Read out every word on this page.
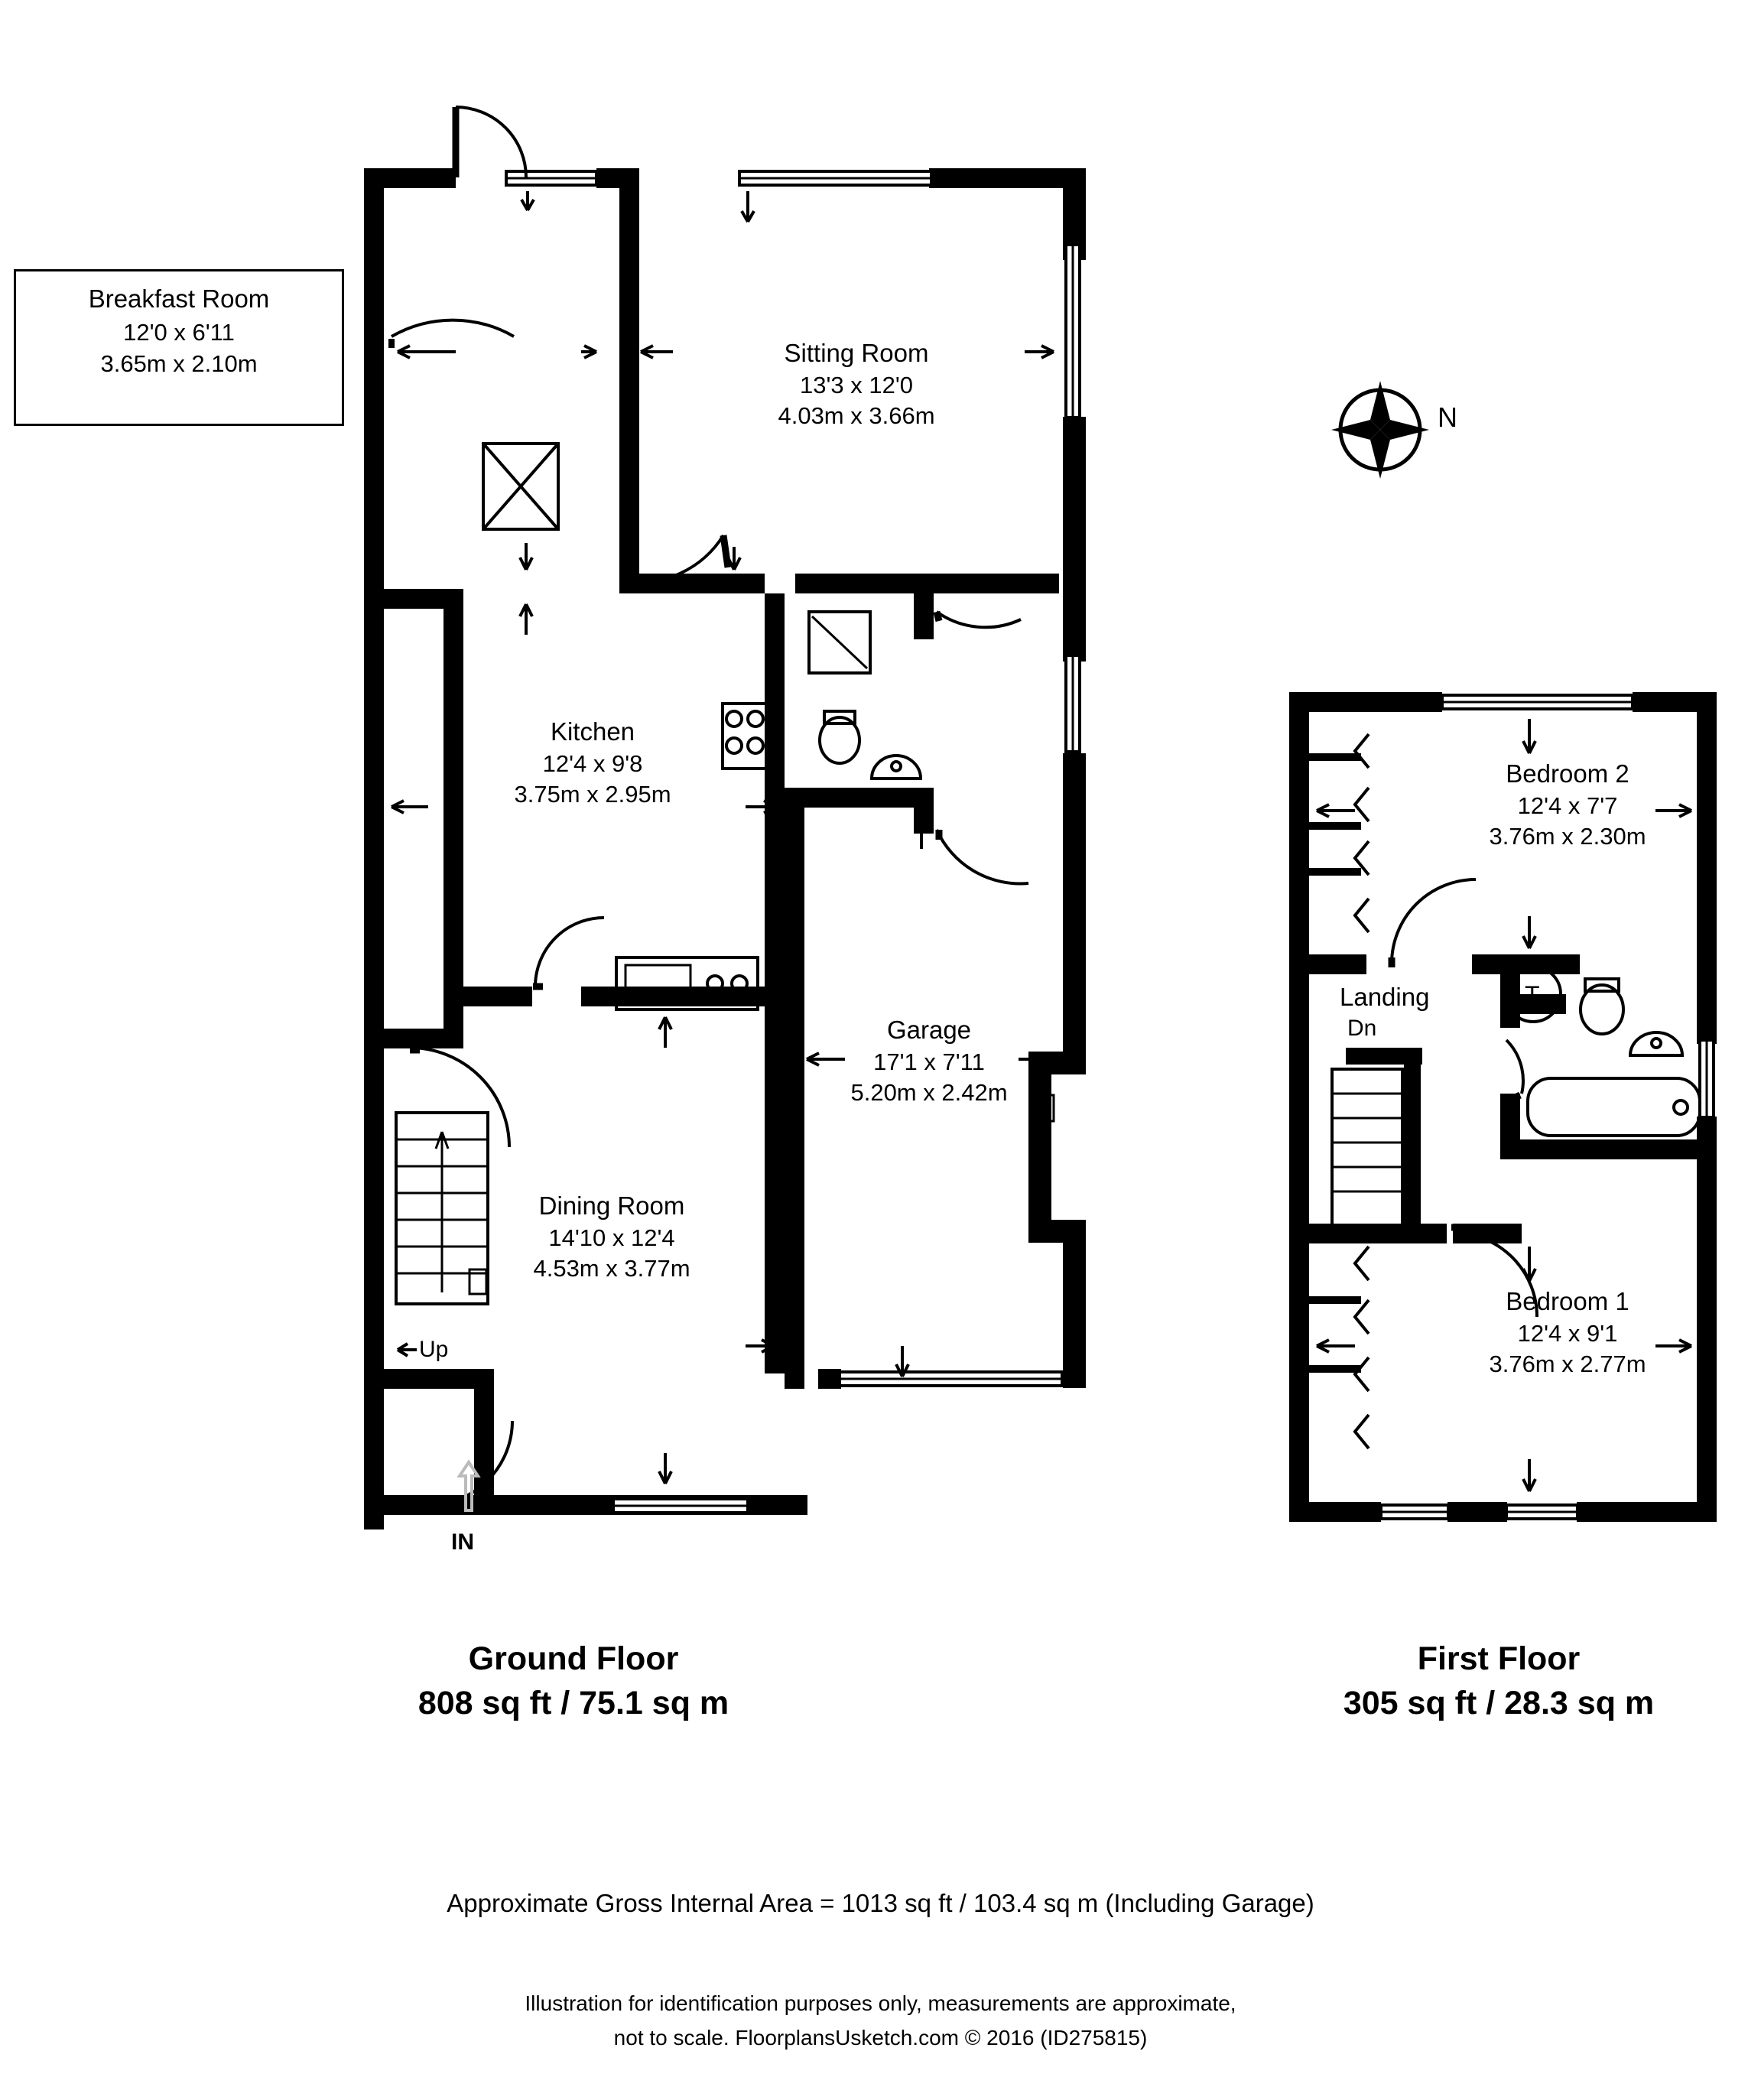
Breakfast Room
12'0 x 6'11
3.65m x 2.10m	Sitting Room
13'3 x 12'0
4.03m x 3.66m
Kitchen
12'4 x 9'8
3.75m x 2.95m
Garage
17'1 x 7'11
5.20m x 2.42m
Dining Room
14'10 x 12'4
4.53m x 3.77m
Up
IN
B
Bedroom 2
12'4 x 7'7
3.76m x 2.30m
Bedroom 1
12'4 x 9'1
3.76m x 2.77m
Landing
Dn
T
N
Ground Floor
808 sq ft / 75.1 sq m
First Floor
305 sq ft / 28.3 sq m
Approximate Gross Internal Area = 1013 sq ft / 103.4 sq m (Including Garage)
Illustration for identification purposes only, measurements are approximate,
not to scale. FloorplansUsketch.com © 2016 (ID275815)
